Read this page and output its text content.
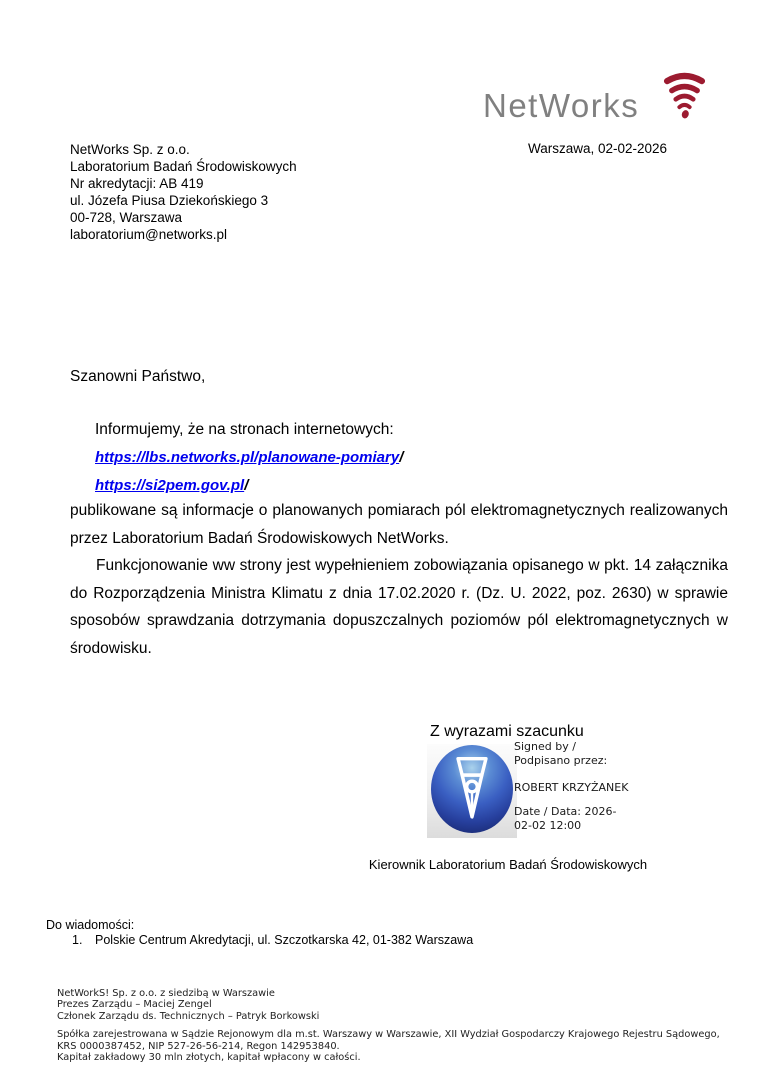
NetWorks
NetWorks Sp. z o.o.
Laboratorium Badań Środowiskowych
Nr akredytacji: AB 419
ul. Józefa Piusa Dziekońskiego 3
00-728, Warszawa
laboratorium@networks.pl
Warszawa, 02-02-2026
Szanowni Państwo,
Informujemy, że na stronach internetowych:
https://lbs.networks.pl/planowane-pomiary/
https://si2pem.gov.pl/

publikowane są informacje o planowanych pomiarach pól elektromagnetycznych realizowanych przez Laboratorium Badań Środowiskowych NetWorks.

Funkcjonowanie ww strony jest wypełnieniem zobowiązania opisanego w pkt. 14 załącznika do Rozporządzenia Ministra Klimatu z dnia 17.02.2020 r. (Dz. U. 2022, poz. 2630) w sprawie sposobów sprawdzania dotrzymania dopuszczalnych poziomów pól elektromagnetycznych w środowisku.

Z wyrazami szacunku
Signed by /
Podpisano przez:
ROBERT KRZYŻANEK
Date / Data: 2026-
02-02 12:00
Kierownik Laboratorium Badań Środowiskowych
Do wiadomości:
1.	Polskie Centrum Akredytacji, ul. Szczotkarska 42, 01-382 Warszawa
NetWorkS! Sp. z o.o. z siedzibą w Warszawie
Prezes Zarządu – Maciej Zengel
Członek Zarządu ds. Technicznych – Patryk Borkowski
Spółka zarejestrowana w Sądzie Rejonowym dla m.st. Warszawy w Warszawie, XII Wydział Gospodarczy Krajowego Rejestru Sądowego,
KRS 0000387452, NIP 527-26-56-214, Regon 142953840.
Kapitał zakładowy 30 mln złotych, kapitał wpłacony w całości.
